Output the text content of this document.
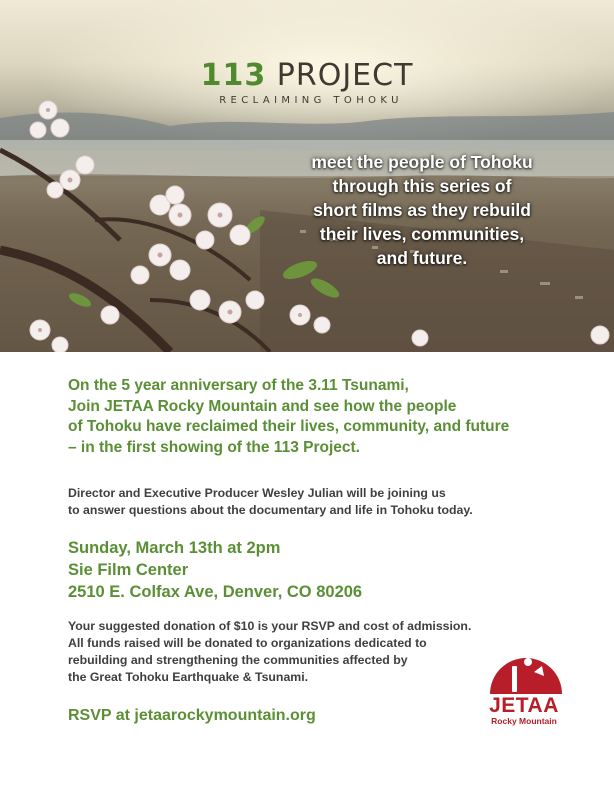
113 PROJECT
RECLAIMING TOHOKU
meet the people of Tohoku
through this series of
short films as they rebuild
their lives, communities,
and future.
On the 5 year anniversary of the 3.11 Tsunami,
Join JETAA Rocky Mountain and see how the people
of Tohoku have reclaimed their lives, community, and future
– in the first showing of the 113 Project.
Director and Executive Producer Wesley Julian will be joining us
to answer questions about the documentary and life in Tohoku today.
Sunday, March 13th at 2pm
Sie Film Center
2510 E. Colfax Ave, Denver, CO 80206
Your suggested donation of $10 is your RSVP and cost of admission.
All funds raised will be donated to organizations dedicated to
rebuilding and strengthening the communities affected by
the Great Tohoku Earthquake & Tsunami.
RSVP at jetaarockymountain.org	JETAA
Rocky Mountain
